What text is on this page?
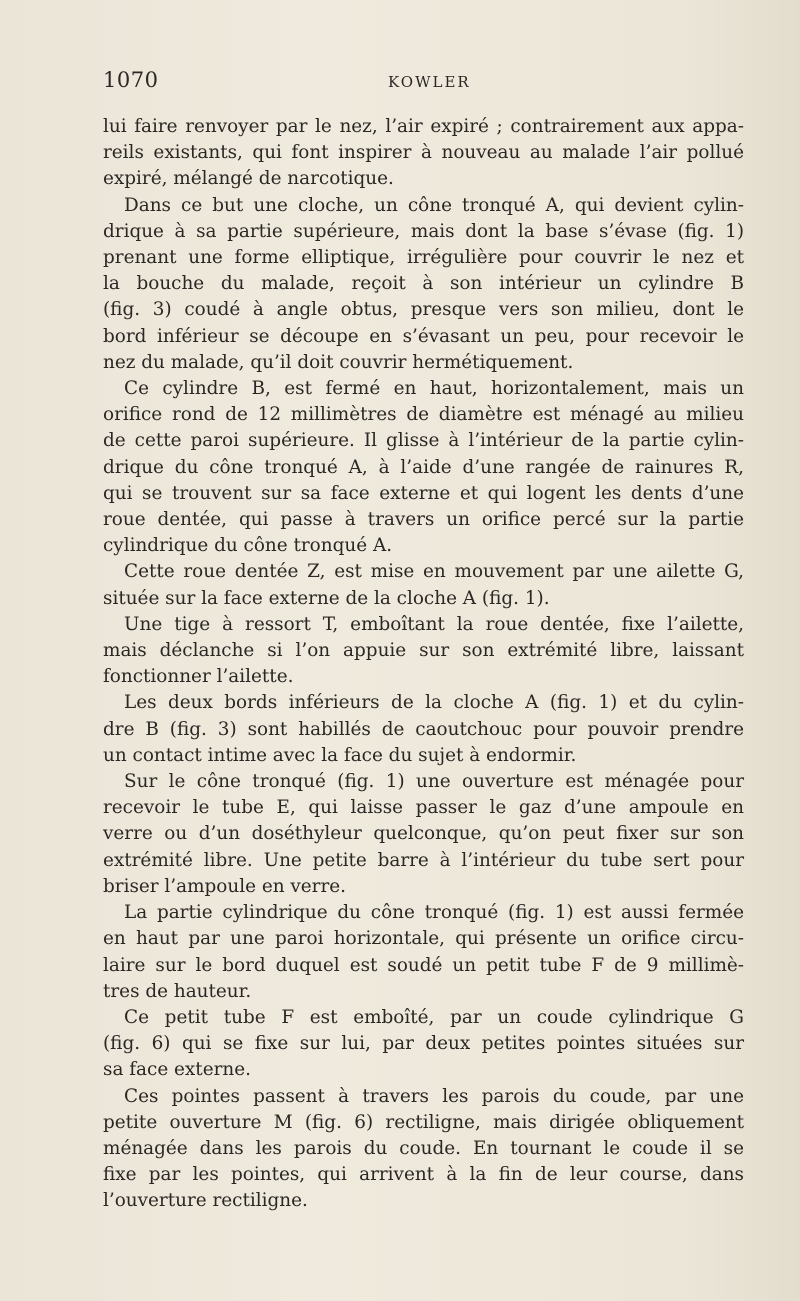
1070	KOWLER

lui faire renvoyer par le nez, l’air expiré ; contrairement aux appa-

reils existants, qui font inspirer à nouveau au malade l’air pollué

expiré, mélangé de narcotique.

Dans ce but une cloche, un cône tronqué A, qui devient cylin-

drique à sa partie supérieure, mais dont la base s’évase (fig. 1)

prenant une forme elliptique, irrégulière pour couvrir le nez et

la bouche du malade, reçoit à son intérieur un cylindre B

(fig. 3) coudé à angle obtus, presque vers son milieu, dont le

bord inférieur se découpe en s’évasant un peu, pour recevoir le

nez du malade, qu’il doit couvrir hermétiquement.

Ce cylindre B, est fermé en haut, horizontalement, mais un

orifice rond de 12 millimètres de diamètre est ménagé au milieu

de cette paroi supérieure. Il glisse à l’intérieur de la partie cylin-

drique du cône tronqué A, à l’aide d’une rangée de rainures R,

qui se trouvent sur sa face externe et qui logent les dents d’une

roue dentée, qui passe à travers un orifice percé sur la partie

cylindrique du cône tronqué A.

Cette roue dentée Z, est mise en mouvement par une ailette G,

située sur la face externe de la cloche A (fig. 1).

Une tige à ressort T, emboîtant la roue dentée, fixe l’ailette,

mais déclanche si l’on appuie sur son extrémité libre, laissant

fonctionner l’ailette.

Les deux bords inférieurs de la cloche A (fig. 1) et du cylin-

dre B (fig. 3) sont habillés de caoutchouc pour pouvoir prendre

un contact intime avec la face du sujet à endormir.

Sur le cône tronqué (fig. 1) une ouverture est ménagée pour

recevoir le tube E, qui laisse passer le gaz d’une ampoule en

verre ou d’un doséthyleur quelconque, qu’on peut fixer sur son

extrémité libre. Une petite barre à l’intérieur du tube sert pour

briser l’ampoule en verre.

La partie cylindrique du cône tronqué (fig. 1) est aussi fermée

en haut par une paroi horizontale, qui présente un orifice circu-

laire sur le bord duquel est soudé un petit tube F de 9 millimè-

tres de hauteur.

Ce petit tube F est emboîté, par un coude cylindrique G

(fig. 6) qui se fixe sur lui, par deux petites pointes situées sur

sa face externe.

Ces pointes passent à travers les parois du coude, par une

petite ouverture M (fig. 6) rectiligne, mais dirigée obliquement

ménagée dans les parois du coude. En tournant le coude il se

fixe par les pointes, qui arrivent à la fin de leur course, dans

l’ouverture rectiligne.
